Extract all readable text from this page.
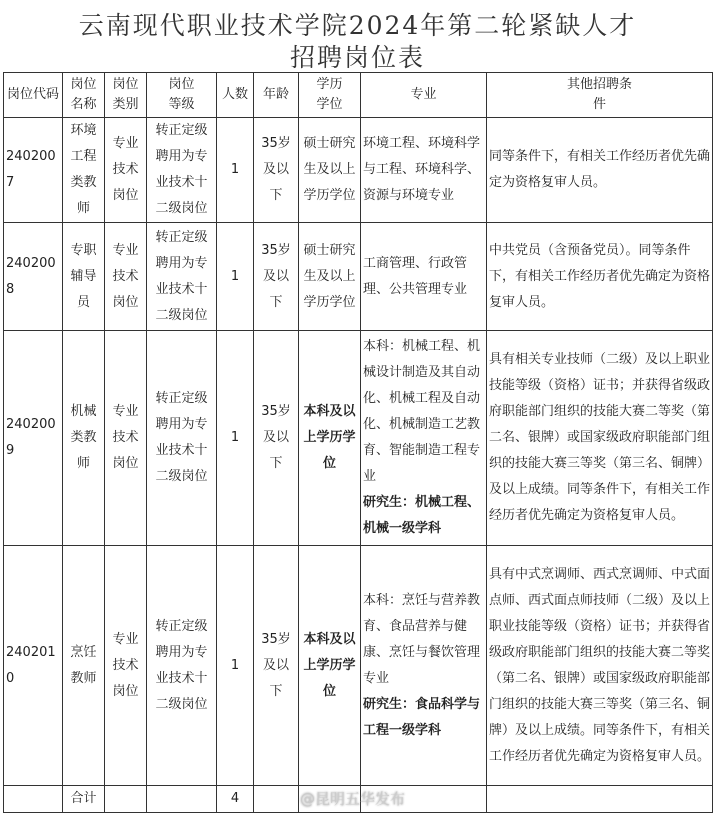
云南现代职业技术学院2024年第二轮紧缺人才
招聘岗位表
岗位代码	岗位名称	岗位类别	岗位等级	人数	年龄	学历学位	专业	其他招聘条件
2402007	环境工程类教师	专业技术岗位	转正定级聘用为专业技术十二级岗位	1	35岁及以下	硕士研究生及以上学历学位	环境工程、环境科学与工程、环境科学、资源与环境专业	同等条件下，有相关工作经历者优先确定为资格复审人员。
2402008	专职辅导员	专业技术岗位	转正定级聘用为专业技术十二级岗位	1	35岁及以下	硕士研究生及以上学历学位	工商管理、行政管理、公共管理专业	中共党员（含预备党员）。同等条件下，有相关工作经历者优先确定为资格复审人员。
2402009	机械类教师	专业技术岗位	转正定级聘用为专业技术十二级岗位	1	35岁及以下	本科及以上学历学位	本科：机械工程、机械设计制造及其自动化、机械工程及自动化、机械制造工艺教育、智能制造工程专业
研究生：机械工程、机械一级学科	具有相关专业技师（二级）及以上职业技能等级（资格）证书；并获得省级政府职能部门组织的技能大赛二等奖（第二名、银牌）或国家级政府职能部门组织的技能大赛三等奖（第三名、铜牌）及以上成绩。同等条件下，有相关工作经历者优先确定为资格复审人员。
2402010	烹饪教师	专业技术岗位	转正定级聘用为专业技术十二级岗位	1	35岁及以下	本科及以上学历学位	本科：烹饪与营养教育、食品营养与健康、烹饪与餐饮管理专业
研究生：食品科学与工程一级学科	具有中式烹调师、西式烹调师、中式面点师、西式面点师技师（二级）及以上职业技能等级（资格）证书；并获得省级政府职能部门组织的技能大赛二等奖（第二名、银牌）或国家级政府职能部门组织的技能大赛三等奖（第三名、铜牌）及以上成绩。同等条件下，有相关工作经历者优先确定为资格复审人员。
	合计			4					@昆明五华发布
